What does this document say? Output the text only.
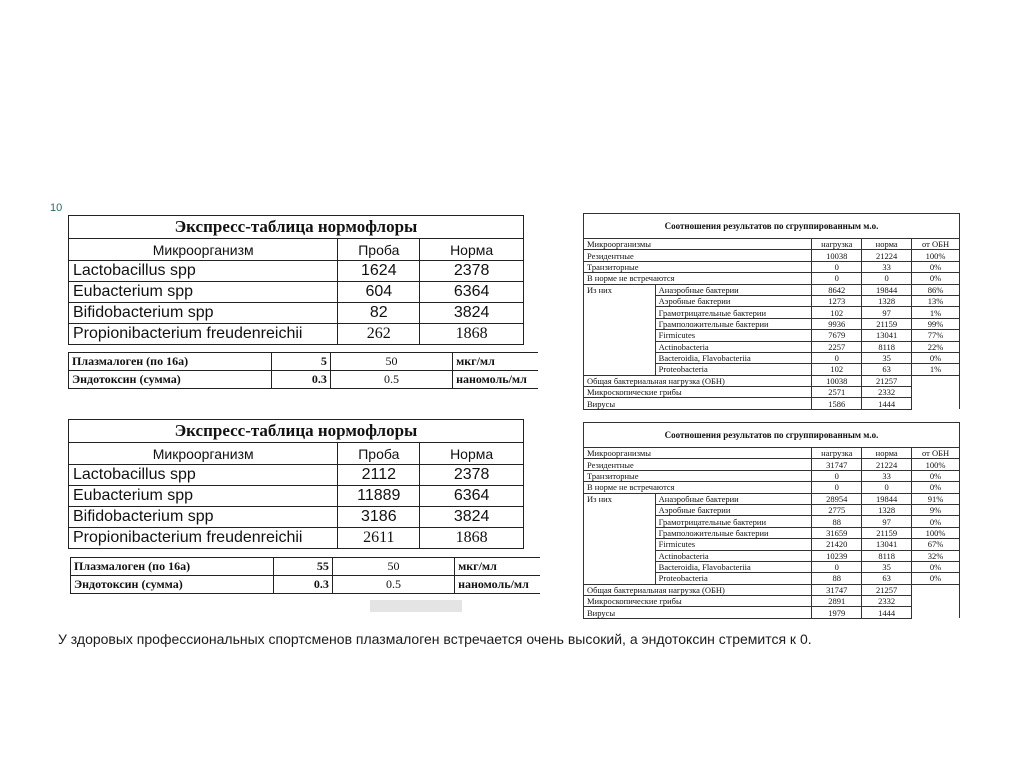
10
Экспресс-таблица нормофлоры		
Микроорганизм	Проба	Норма
Lactobacillus spp	1624	2378
Eubacterium spp	604	6364
Bifidobacterium spp	82	3824
Propionibacterium freudenreichii	262	1868
Плазмалоген (по 16а)	5	50	мкг/мл
Эндотоксин (сумма)	0.3	0.5	наномоль/мл
Экспресс-таблица нормофлоры		
Микроорганизм	Проба	Норма
Lactobacillus spp	2112	2378
Eubacterium spp	11889	6364
Bifidobacterium spp	3186	3824
Propionibacterium freudenreichii	2611	1868
Плазмалоген (по 16а)	55	50	мкг/мл
Эндотоксин (сумма)	0.3	0.5	наномоль/мл
Соотношения результатов по сгруппированным м.о.				
Микроорганизмы		нагрузка	норма	от ОБН
Резидентные		10038	21224	100%
Транзиторные		0	33	0%
В норме не встречаются		0	0	0%
Из них	Анаэробные бактерии	8642	19844	86%
	Аэробные бактерии	1273	1328	13%
	Грамотрицательные бактерии	102	97	1%
	Грамположительные бактерии	9936	21159	99%
	Firmicutes	7679	13041	77%
	Actinobacteria	2257	8118	22%
	Bacteroidia, Flavobacteriia	0	35	0%
	Proteobacteria	102	63	1%
Общая бактериальная нагрузка (ОБН)		10038	21257	
Микроскопические грибы		2571	2332	
Вирусы		1586	1444	
Соотношения результатов по сгруппированным м.о.				
Микроорганизмы		нагрузка	норма	от ОБН
Резидентные		31747	21224	100%
Транзиторные		0	33	0%
В норме не встречаются		0	0	0%
Из них	Анаэробные бактерии	28954	19844	91%
	Аэробные бактерии	2775	1328	9%
	Грамотрицательные бактерии	88	97	0%
	Грамположительные бактерии	31659	21159	100%
	Firmicutes	21420	13041	67%
	Actinobacteria	10239	8118	32%
	Bacteroidia, Flavobacteriia	0	35	0%
	Proteobacteria	88	63	0%
Общая бактериальная нагрузка (ОБН)		31747	21257	
Микроскопические грибы		2891	2332	
Вирусы		1979	1444	
У здоровых профессиональных спортсменов плазмалоген встречается очень высокий, а эндотоксин стремится к 0.
